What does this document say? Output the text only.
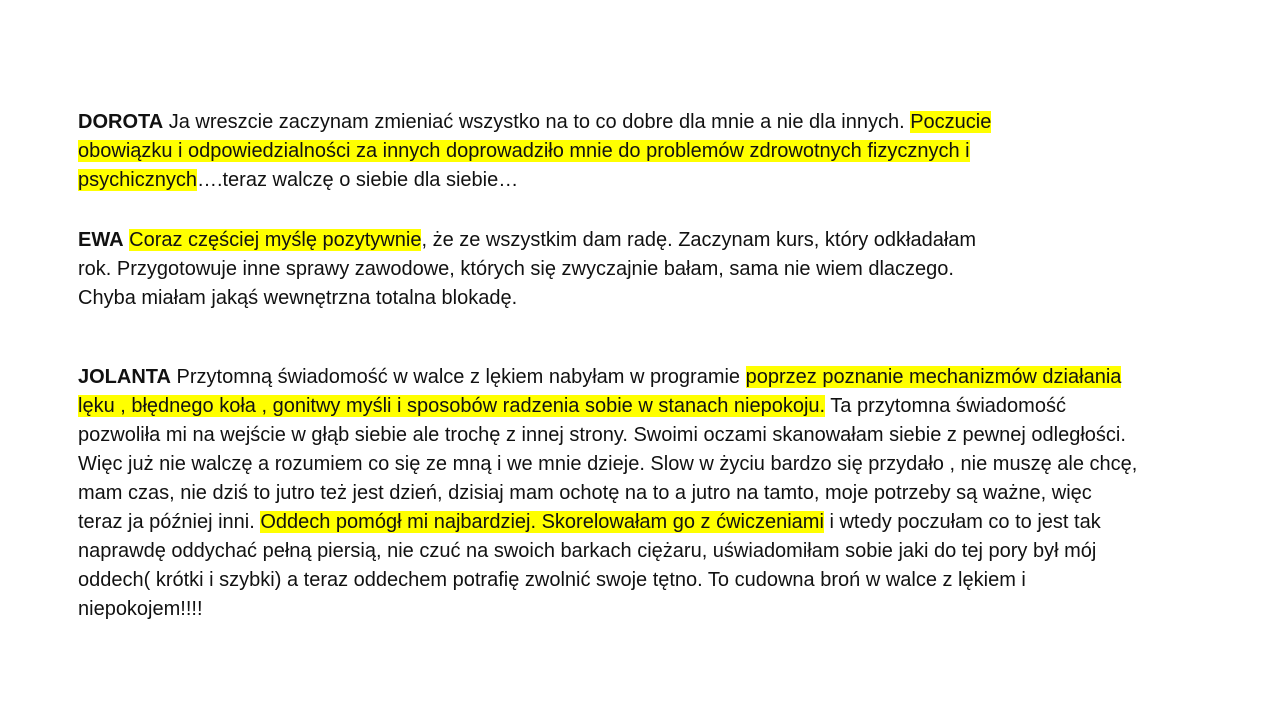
DOROTA Ja wreszcie zaczynam zmieniać wszystko na to co dobre dla mnie a nie dla innych. Poczucie obowiązku i odpowiedzialności za innych doprowadziło mnie do problemów zdrowotnych fizycznych i psychicznych….teraz walczę o siebie dla siebie…

EWA Coraz częściej myślę pozytywnie, że ze wszystkim dam radę. Zaczynam kurs, który odkładałam rok. Przygotowuje inne sprawy zawodowe, których się zwyczajnie bałam, sama nie wiem dlaczego. Chyba miałam jakąś wewnętrzna totalna blokadę.

JOLANTA Przytomną świadomość w walce z lękiem nabyłam w programie poprzez poznanie mechanizmów działania lęku , błędnego koła , gonitwy myśli i sposobów radzenia sobie w stanach niepokoju. Ta przytomna świadomość pozwoliła mi na wejście w głąb siebie ale trochę z innej strony. Swoimi oczami skanowałam siebie z pewnej odległości. Więc już nie walczę a rozumiem co się ze mną i we mnie dzieje. Slow w życiu bardzo się przydało , nie muszę ale chcę, mam czas, nie dziś to jutro też jest dzień, dzisiaj mam ochotę na to a jutro na tamto, moje potrzeby są ważne, więc teraz ja później inni. Oddech pomógł mi najbardziej. Skorelowałam go z ćwiczeniami i wtedy poczułam co to jest tak naprawdę oddychać pełną piersią, nie czuć na swoich barkach ciężaru, uświadomiłam sobie jaki do tej pory był mój oddech( krótki i szybki) a teraz oddechem potrafię zwolnić swoje tętno. To cudowna broń w walce z lękiem i niepokojem!!!!
